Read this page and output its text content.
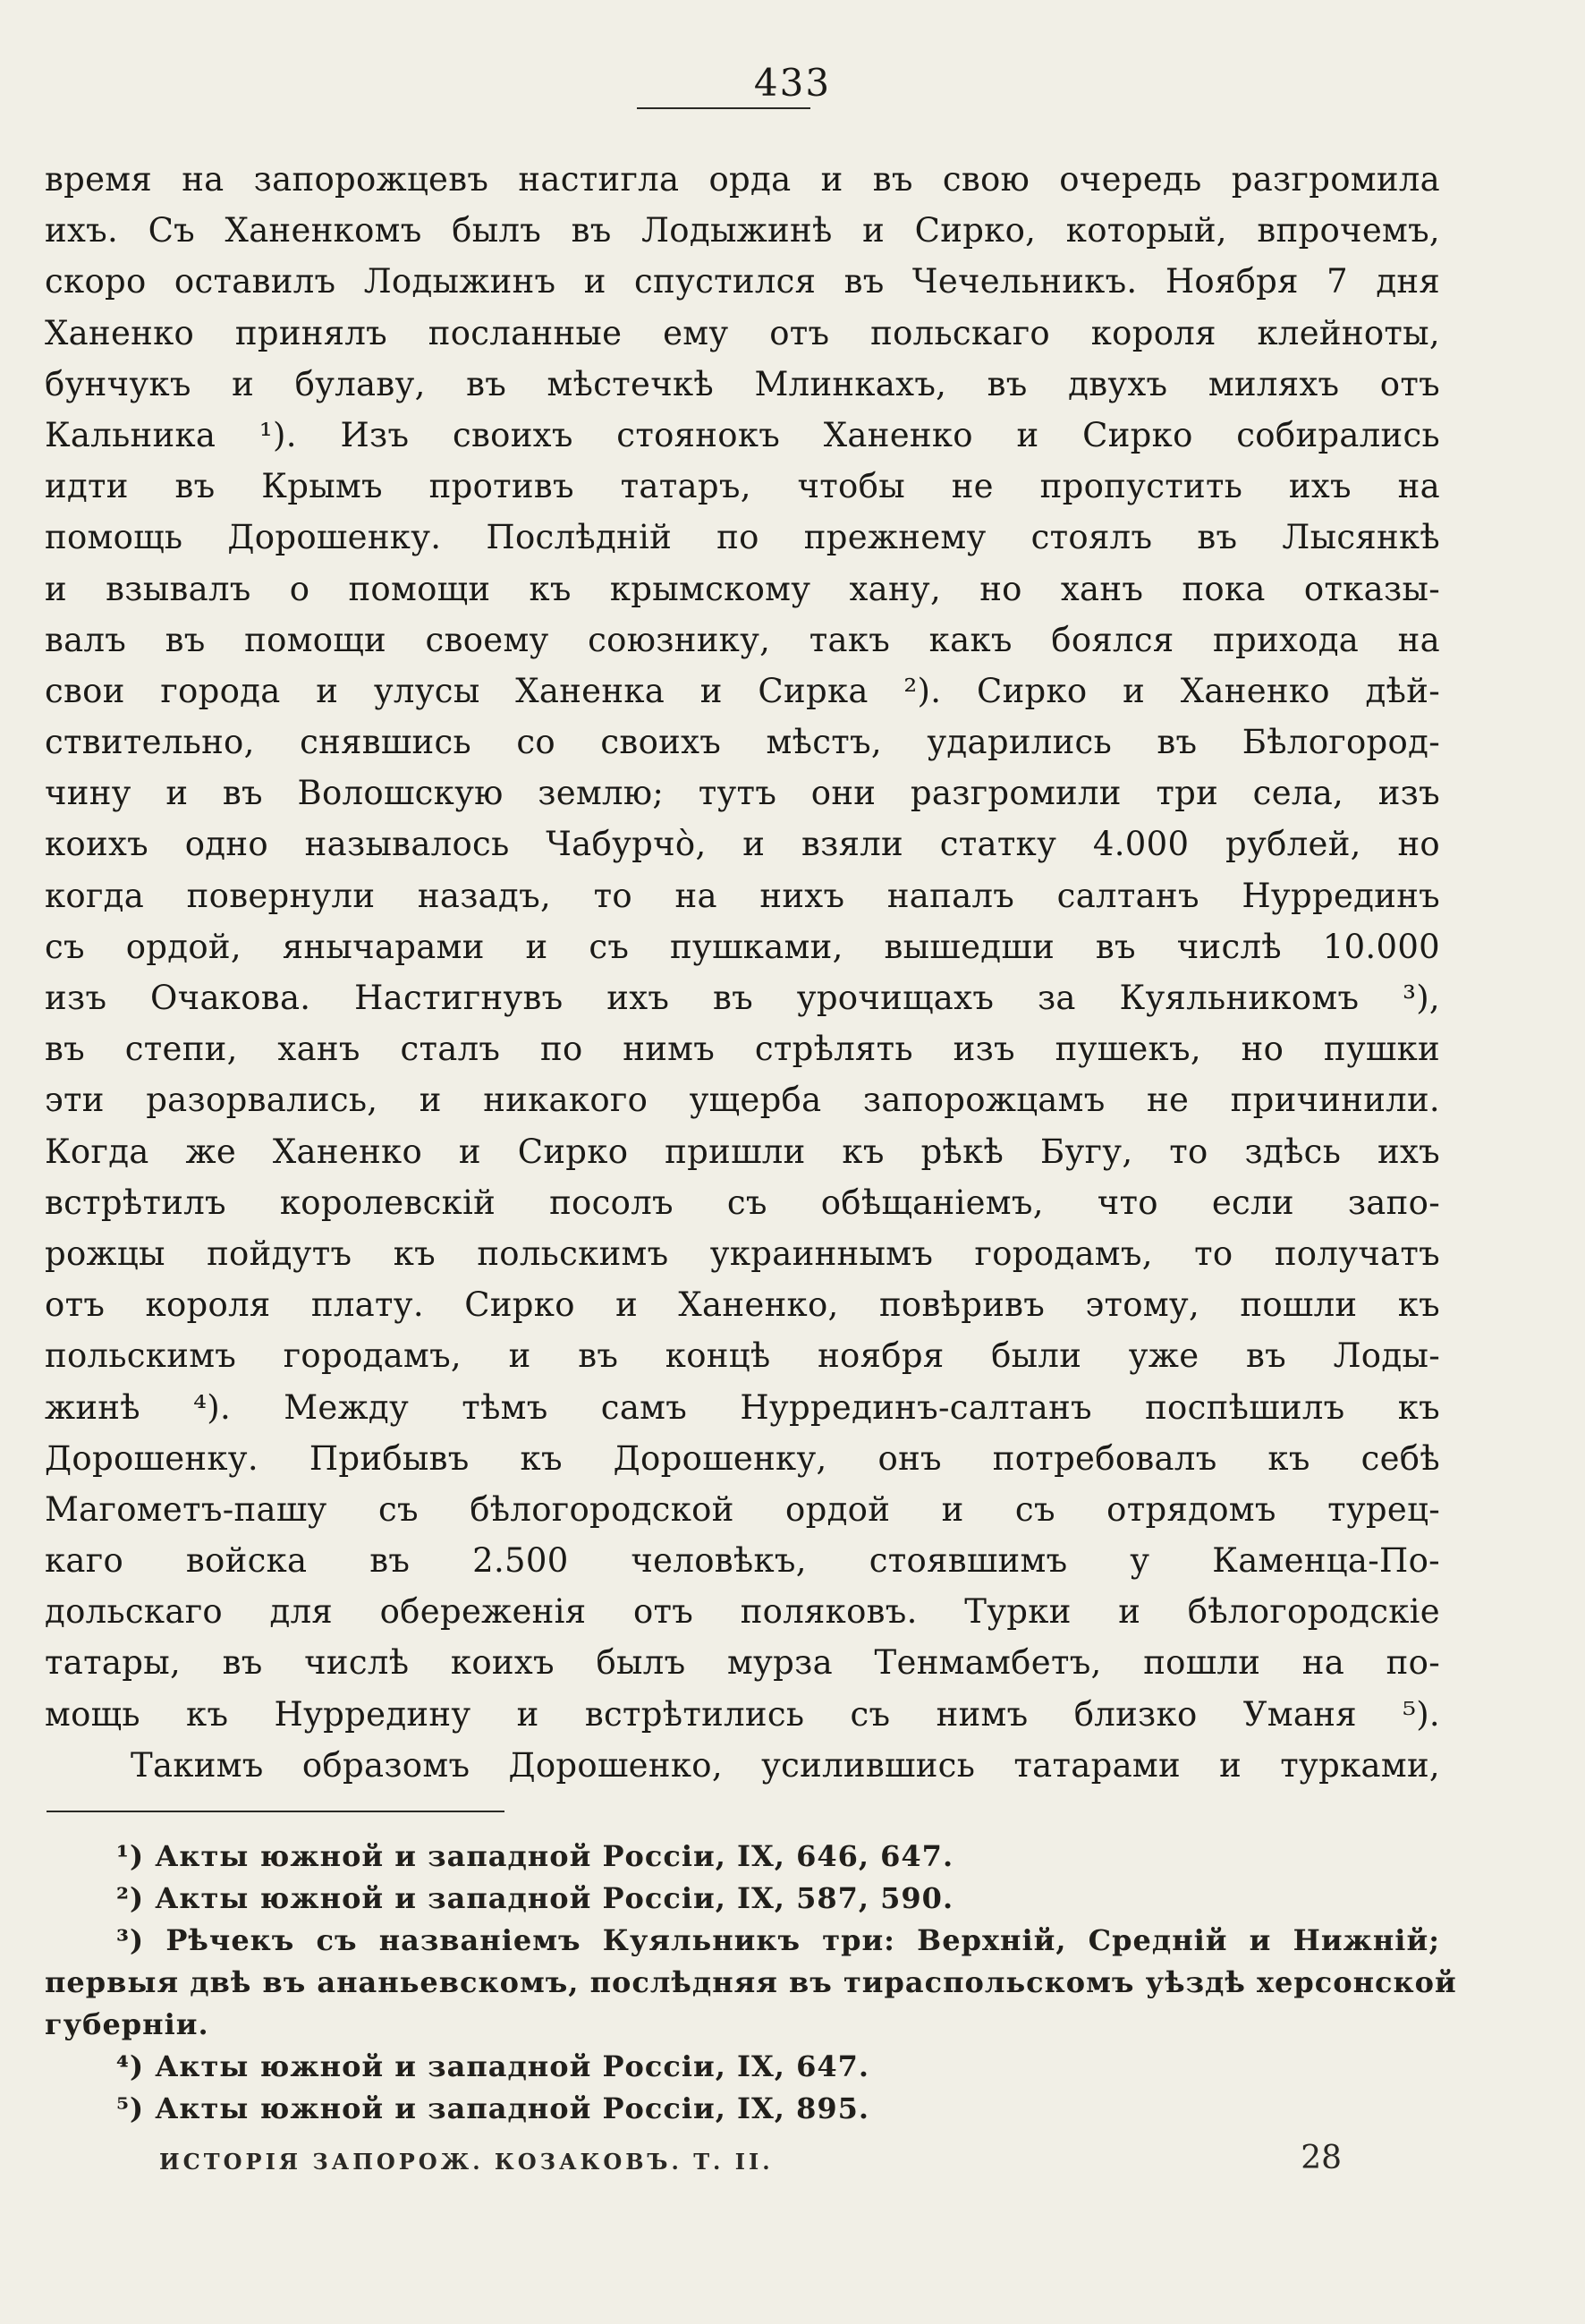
433
время на запорожцевъ настигла орда и въ свою очередь разгромила
ихъ. Съ Ханенкомъ былъ въ Лодыжинѣ и Сирко, который, впрочемъ,
скоро оставилъ Лодыжинъ и спустился въ Чечельникъ. Ноября 7 дня
Ханенко принялъ посланные ему отъ польскаго короля клейноты,
бунчукъ и булаву, въ мѣстечкѣ Млинкахъ, въ двухъ миляхъ отъ
Кальника ¹). Изъ своихъ стоянокъ Ханенко и Сирко собирались
идти въ Крымъ противъ татаръ, чтобы не пропустить ихъ на
помощь Дорошенку. Послѣдній по прежнему стоялъ въ Лысянкѣ
и взывалъ о помощи къ крымскому хану, но ханъ пока отказы-
валъ въ помощи своему союзнику, такъ какъ боялся прихода на
свои города и улусы Ханенка и Сирка ²). Сирко и Ханенко дѣй-
ствительно, снявшись со своихъ мѣстъ, ударились въ Бѣлогород-
чину и въ Волошскую землю; тутъ они разгромили три села, изъ
коихъ одно называлось Чабурчо̀, и взяли статку 4.000 рублей, но
когда повернули назадъ, то на нихъ напалъ салтанъ Нуррединъ
съ ордой, янычарами и съ пушками, вышедши въ числѣ 10.000
изъ Очакова. Настигнувъ ихъ въ урочищахъ за Куяльникомъ ³),
въ степи, ханъ сталъ по нимъ стрѣлять изъ пушекъ, но пушки
эти разорвались, и никакого ущерба запорожцамъ не причинили.
Когда же Ханенко и Сирко пришли къ рѣкѣ Бугу, то здѣсь ихъ
встрѣтилъ королевскій посолъ съ обѣщаніемъ, что если запо-
рожцы пойдутъ къ польскимъ украиннымъ городамъ, то получатъ
отъ короля плату. Сирко и Ханенко, повѣривъ этому, пошли къ
польскимъ городамъ, и въ концѣ ноября были уже въ Лоды-
жинѣ ⁴). Между тѣмъ самъ Нуррединъ-салтанъ поспѣшилъ къ
Дорошенку. Прибывъ къ Дорошенку, онъ потребовалъ къ себѣ
Магометъ-пашу съ бѣлогородской ордой и съ отрядомъ турец-
каго войска въ 2.500 человѣкъ, стоявшимъ у Каменца-По-
дольскаго для обереженія отъ поляковъ. Турки и бѣлогородскіе
татары, въ числѣ коихъ былъ мурза Тенмамбетъ, пошли на по-
мощь къ Нурредину и встрѣтились съ нимъ близко Уманя ⁵).
Такимъ образомъ Дорошенко, усилившись татарами и турками,
¹) Акты южной и западной Россіи, IX, 646, 647.
²) Акты южной и западной Россіи, IX, 587, 590.
³) Рѣчекъ съ названіемъ Куяльникъ три: Верхній, Средній и Нижній;
первыя двѣ въ ананьевскомъ, послѣдняя въ тираспольскомъ уѣздѣ херсонской
губерніи.
⁴) Акты южной и западной Россіи, IX, 647.
⁵) Акты южной и западной Россіи, IX, 895.
ИСТОРІЯ ЗАПОРОЖ. КОЗАКОВЪ. Т. II.	28
